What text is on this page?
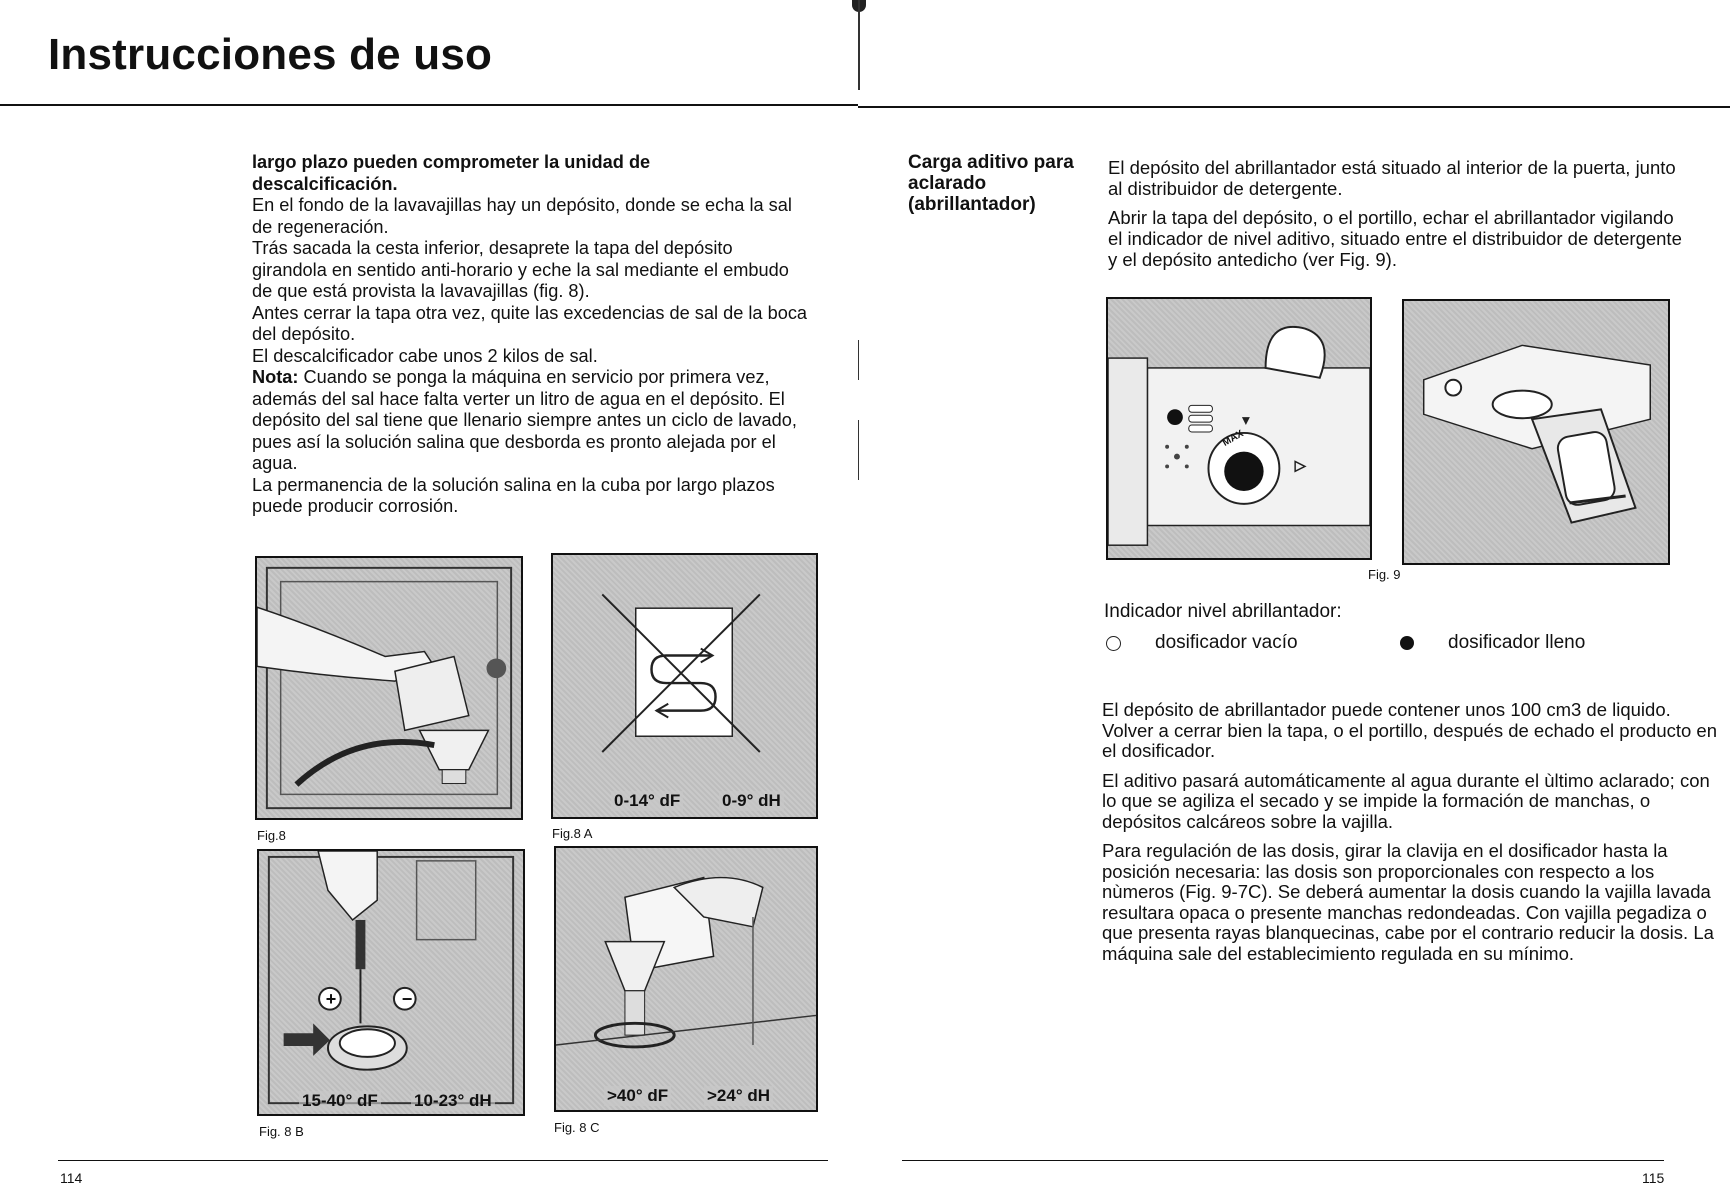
Instrucciones de uso

largo plazo pueden comprometer la unidad de

descalcificación.

En el fondo de la lavavajillas hay un depósito, donde se echa la sal de regeneración.

Trás sacada la cesta inferior, desaprete la tapa del depósito girandola en sentido anti-horario y eche la sal mediante el embudo de que está provista la lavavajillas (fig. 8).

Antes cerrar la tapa otra vez, quite las excedencias de sal de la boca del depósito.

El descalcificador cabe unos 2 kilos de sal.

Nota: Cuando se ponga la máquina en servicio por primera vez, además del sal hace falta verter un litro de agua en el depósito. El depósito del sal tiene que llenario siempre antes un ciclo de lavado, pues así la solución salina que desborda es pronto alejada por el agua.

La permanencia de la solución salina en la cuba por largo plazos puede producir corrosión.

Fig.8
0-14° dF 0-9° dH
Fig.8 A
+	−
15-40° dF 10-23° dH
Fig. 8 B
>40° dF >24° dH
Fig. 8 C
Carga aditivo para
aclarado
(abrillantador)

El depósito del abrillantador está situado al interior de la puerta, junto al distribuidor de detergente.

Abrir la tapa del depósito, o el portillo, echar el abrillantador vigilando el indicador de nivel aditivo, situado entre el distribuidor de detergente y el depósito antedicho (ver Fig. 9).

MAX
Fig. 9
Indicador nivel abrillantador:
dosificador vacío	dosificador lleno

El depósito de abrillantador puede contener unos 100 cm3 de liquido. Volver a cerrar bien la tapa, o el portillo, después de echado el producto en el dosificador.

El aditivo pasará automáticamente al agua durante el ùltimo aclarado; con lo que se agiliza el secado y se impide la formación de manchas, o depósitos calcáreos sobre la vajilla.

Para regulación de las dosis, girar la clavija en el dosificador hasta la posición necesaria: las dosis son proporcionales con respecto a los nùmeros (Fig. 9-7C). Se deberá aumentar la dosis cuando la vajilla lavada resultara opaca o presente manchas redondeadas. Con vajilla pegadiza o que presenta rayas blanquecinas, cabe por el contrario reducir la dosis. La máquina sale del establecimiento regulada en su mínimo.

114	115
